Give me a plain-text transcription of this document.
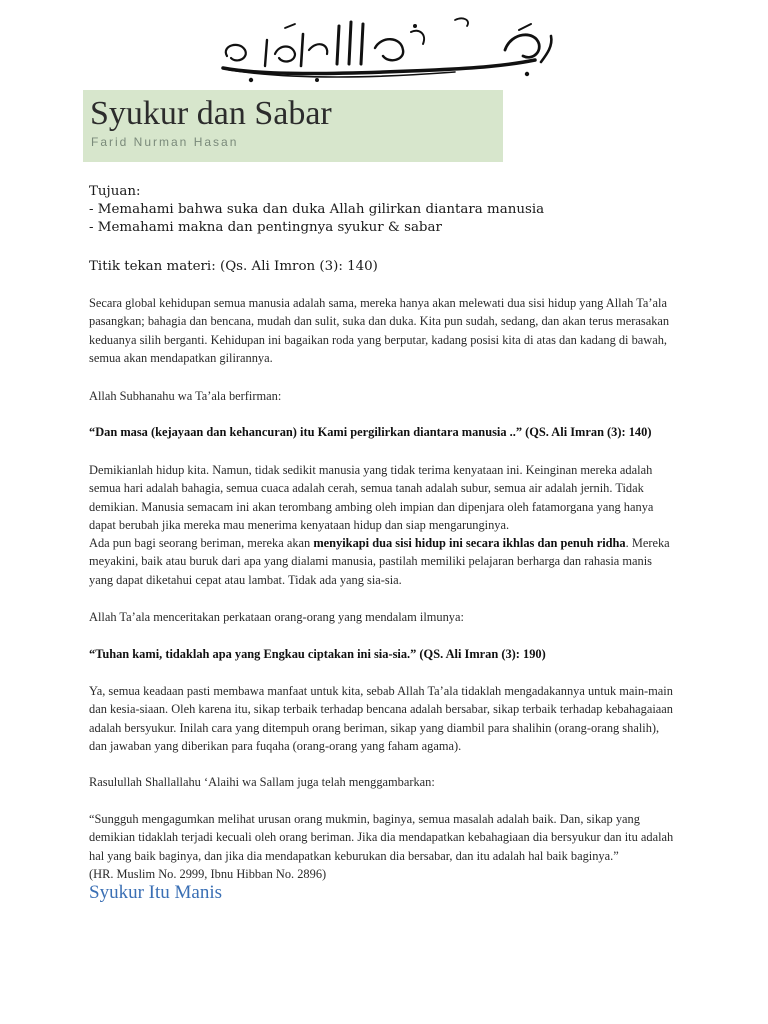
Syukur dan Sabar
Farid Nurman Hasan
Tujuan:
- Memahami bahwa suka dan duka Allah gilirkan diantara manusia
- Memahami makna dan pentingnya syukur & sabar
Titik tekan materi: (Qs. Ali Imron (3): 140)

Secara global kehidupan semua manusia adalah sama, mereka hanya akan melewati dua sisi hidup yang Allah Ta’ala pasangkan; bahagia dan bencana, mudah dan sulit, suka dan duka. Kita pun sudah, sedang, dan akan terus merasakan keduanya silih berganti. Kehidupan ini bagaikan roda yang berputar, kadang posisi kita di atas dan kadang di bawah, semua akan mendapatkan gilirannya.

Allah Subhanahu wa Ta’ala berfirman:

“Dan masa (kejayaan dan kehancuran) itu Kami pergilirkan diantara manusia ..” (QS. Ali Imran (3): 140)

Demikianlah hidup kita. Namun, tidak sedikit manusia yang tidak terima kenyataan ini. Keinginan mereka adalah semua hari adalah bahagia, semua cuaca adalah cerah, semua tanah adalah subur, semua air adalah jernih. Tidak demikian. Manusia semacam ini akan terombang ambing oleh impian dan dipenjara oleh fatamorgana yang hanya dapat berubah jika mereka mau menerima kenyataan hidup dan siap mengarunginya.

Ada pun bagi seorang beriman, mereka akan menyikapi dua sisi hidup ini secara ikhlas dan penuh ridha. Mereka meyakini, baik atau buruk dari apa yang dialami manusia, pastilah memiliki pelajaran berharga dan rahasia manis yang dapat diketahui cepat atau lambat. Tidak ada yang sia-sia.

Allah Ta’ala menceritakan perkataan orang-orang yang mendalam ilmunya:

“Tuhan kami, tidaklah apa yang Engkau ciptakan ini sia-sia.” (QS. Ali Imran (3): 190)

Ya, semua keadaan pasti membawa manfaat untuk kita, sebab Allah Ta’ala tidaklah mengadakannya untuk main-main dan kesia-siaan. Oleh karena itu, sikap terbaik terhadap bencana adalah bersabar, sikap terbaik terhadap kebahagaiaan adalah bersyukur. Inilah cara yang ditempuh orang beriman, sikap yang diambil para shalihin (orang-orang shalih), dan jawaban yang diberikan para fuqaha (orang-orang yang faham agama).

Rasulullah Shallallahu ‘Alaihi wa Sallam juga telah menggambarkan:

“Sungguh mengagumkan melihat urusan orang mukmin, baginya, semua masalah adalah baik. Dan, sikap yang demikian tidaklah terjadi kecuali oleh orang beriman. Jika dia mendapatkan kebahagiaan dia bersyukur dan itu adalah hal yang baik baginya, dan jika dia mendapatkan keburukan dia bersabar, dan itu adalah hal baik baginya.”

(HR. Muslim No. 2999, Ibnu Hibban No. 2896)

Syukur Itu Manis
